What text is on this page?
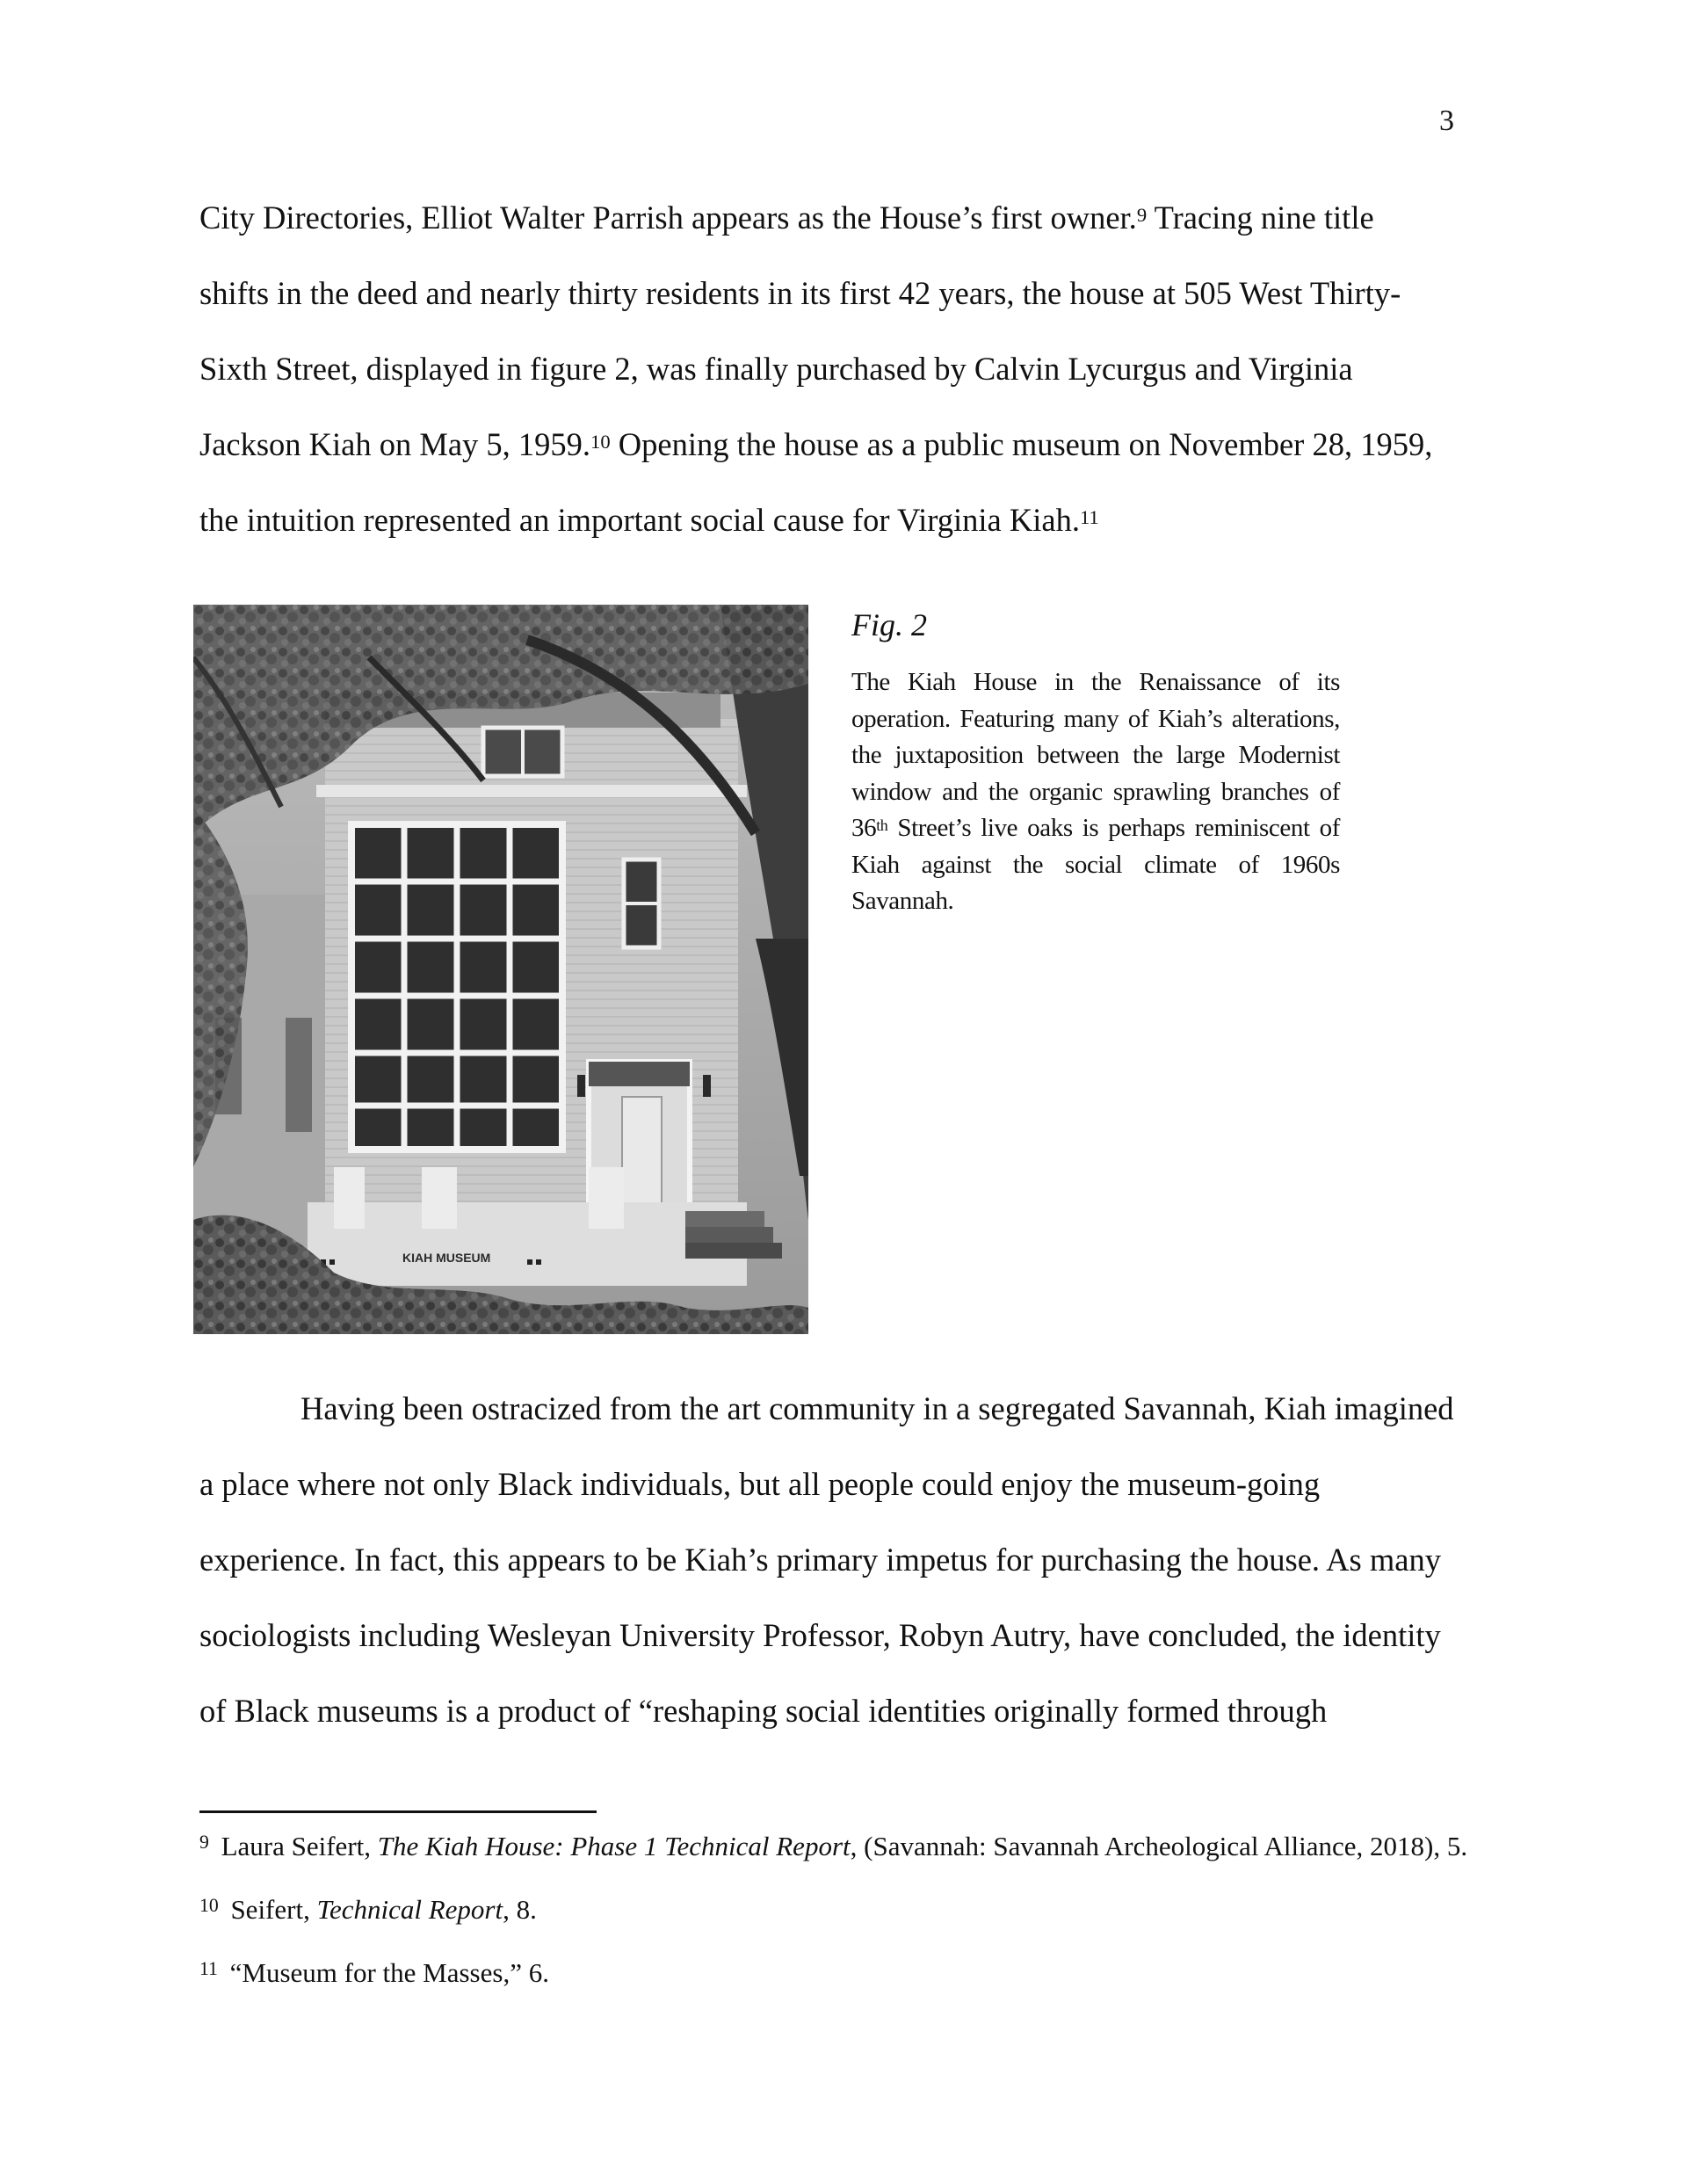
3

City Directories, Elliot Walter Parrish appears as the House’s first owner.$^9$ Tracing nine title
shifts in the deed and nearly thirty residents in its first 42 years, the house at 505 West Thirty-
Sixth Street, displayed in figure 2, was finally purchased by Calvin Lycurgus and Virginia
Jackson Kiah on May 5, 1959.10 Opening the house as a public museum on November 28, 1959,
the intuition represented an important social cause for Virginia Kiah.$^{11}$

KIAH MUSEUM
Fig. 2
The Kiah House in the Renaissance of its operation. Featuring many of Kiah’s alterations, the juxtaposition between the large Modernist window and the organic sprawling branches of 36th Street’s live oaks is perhaps reminiscent of Kiah against the social climate of 1960s Savannah.

Having been ostracized from the art community in a segregated Savannah, Kiah imagined
a place where not only Black individuals, but all people could enjoy the museum-going
experience. In fact, this appears to be Kiah’s primary impetus for purchasing the house. As many
sociologists including Wesleyan University Professor, Robyn Autry, have concluded, the identity
of Black museums is a product of “reshaping social identities originally formed through

$^9$ Laura Seifert, The Kiah House: Phase 1 Technical Report, (Savannah: Savannah Archeological Alliance, 2018), 5.

$^{10}$ Seifert, Technical Report, 8.

$^{11}$ “Museum for the Masses,” 6.
